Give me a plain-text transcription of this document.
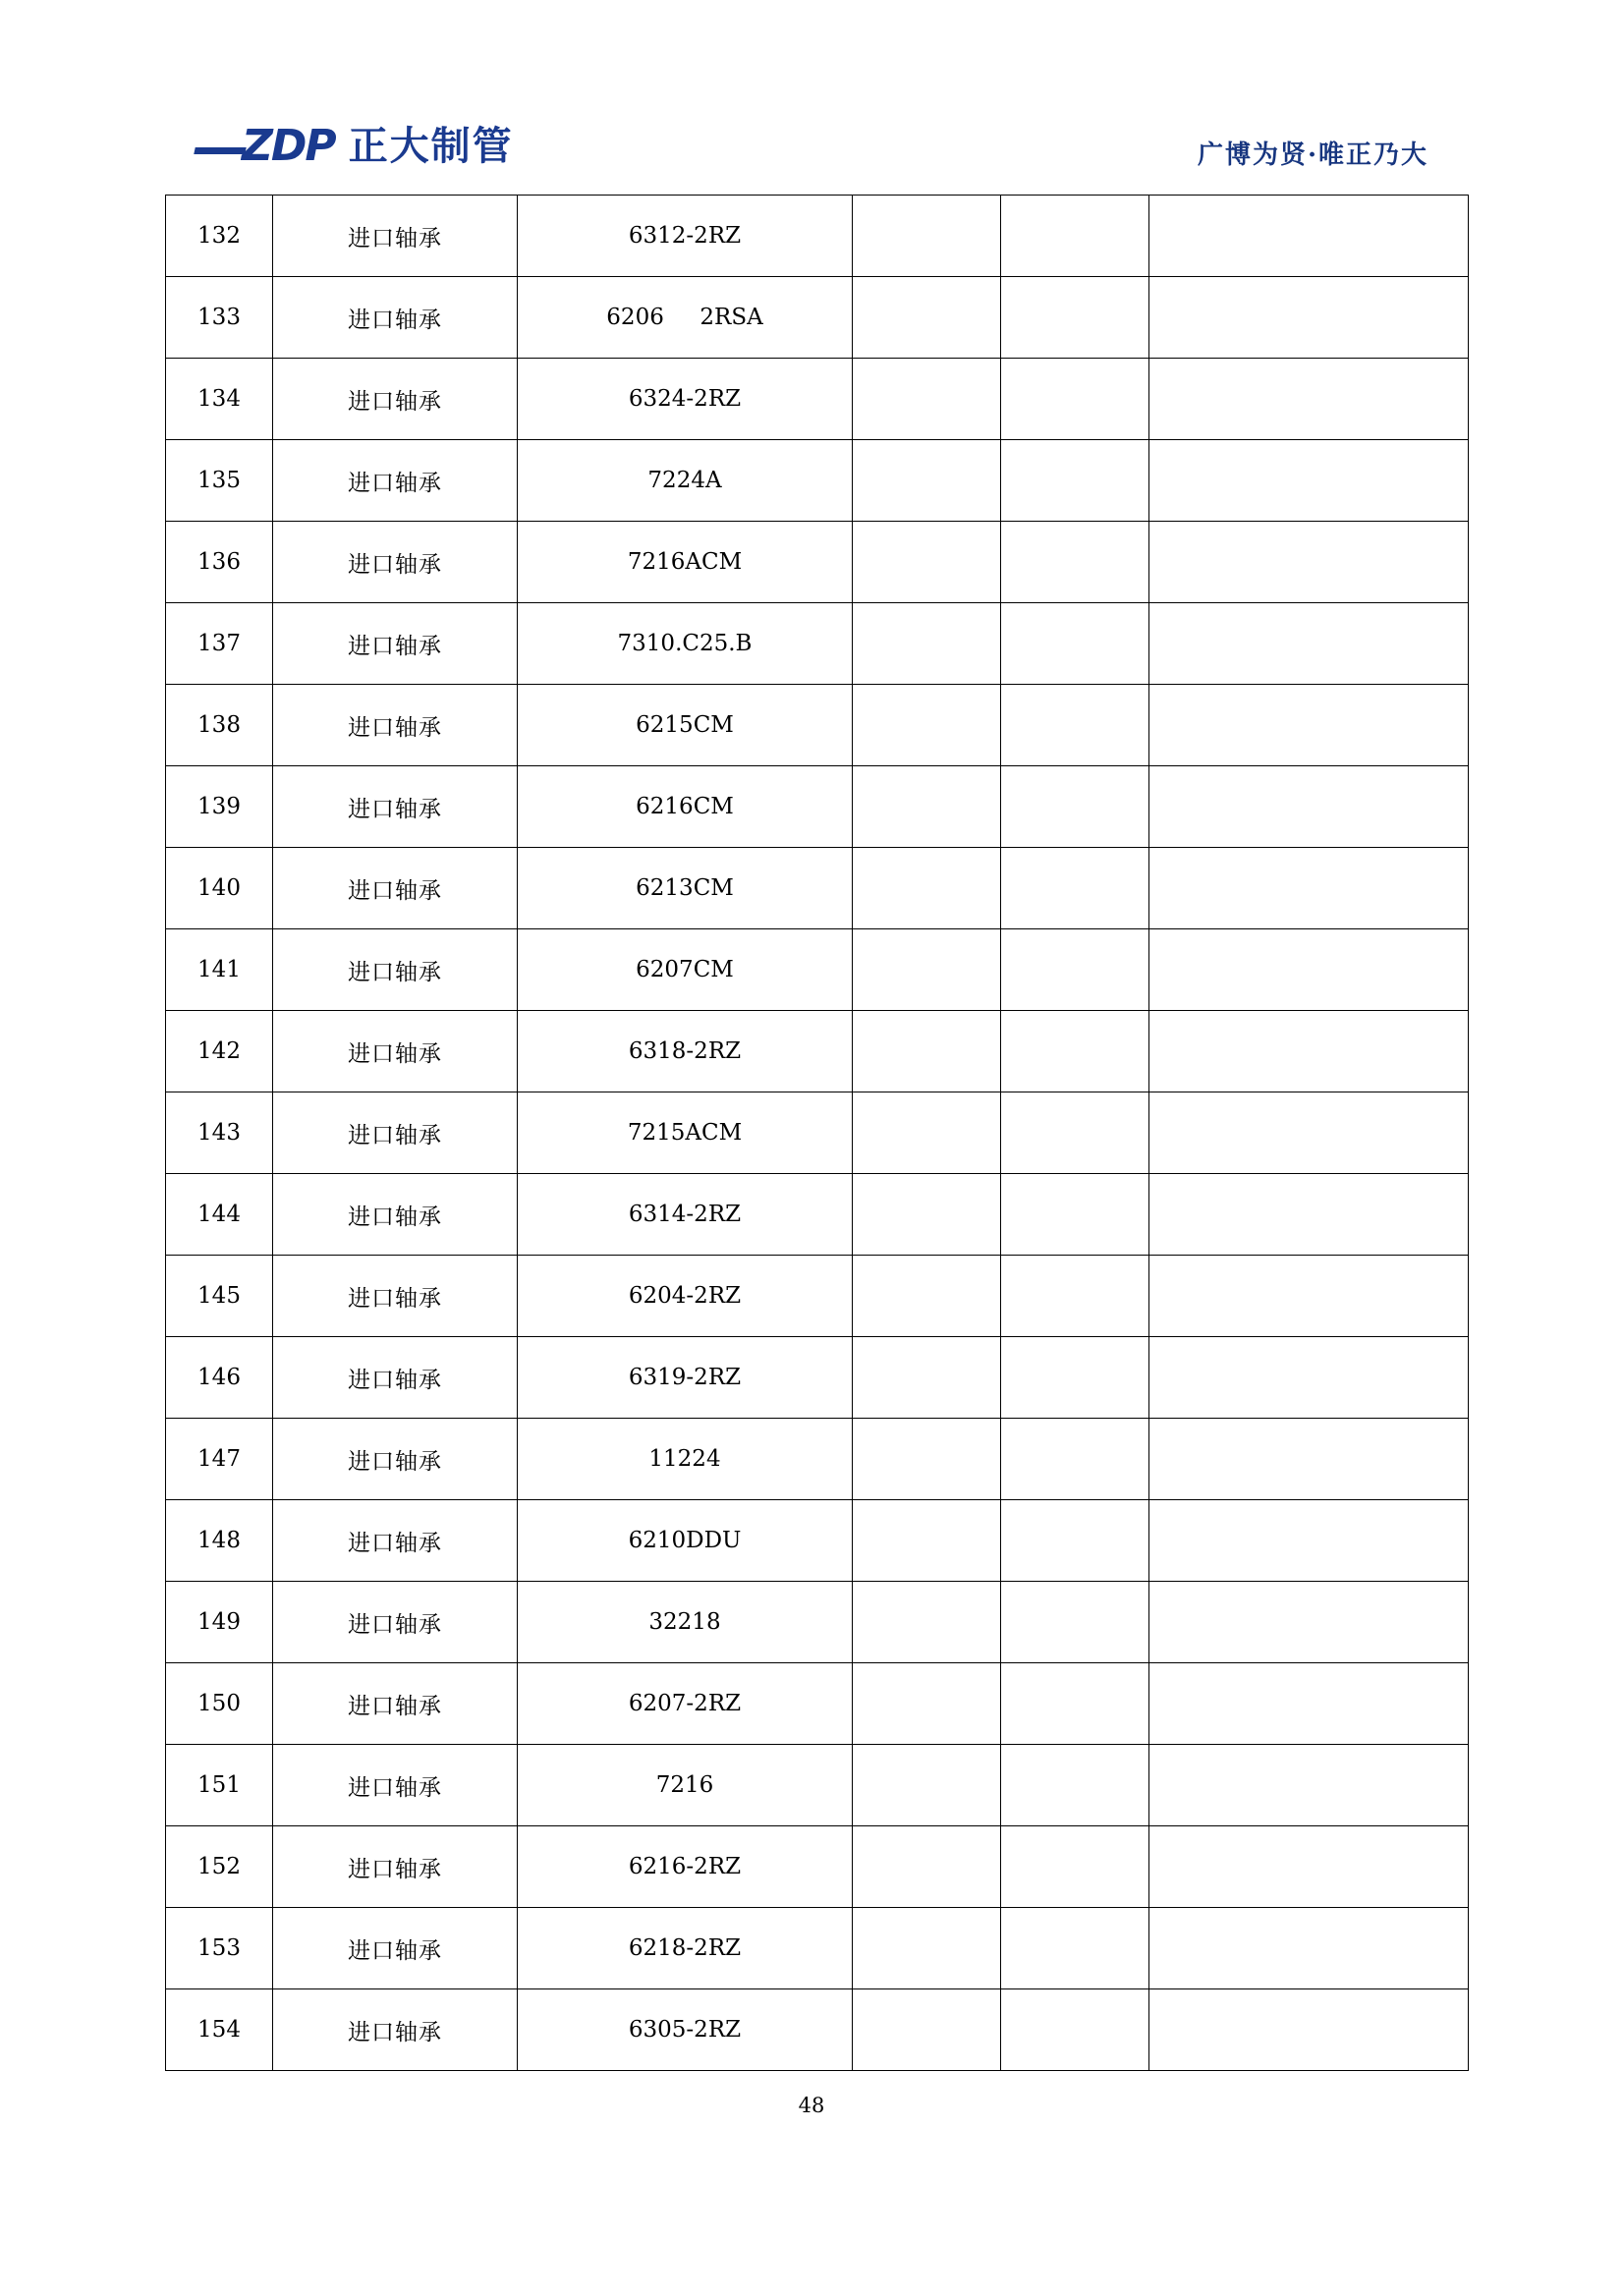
ZDP 正大制管	广博为贤·唯正乃大
132	进口轴承	6312-2RZ			
133	进口轴承	6206     2RSA			
134	进口轴承	6324-2RZ			
135	进口轴承	7224A			
136	进口轴承	7216ACM			
137	进口轴承	7310.C25.B			
138	进口轴承	6215CM			
139	进口轴承	6216CM			
140	进口轴承	6213CM			
141	进口轴承	6207CM			
142	进口轴承	6318-2RZ			
143	进口轴承	7215ACM			
144	进口轴承	6314-2RZ			
145	进口轴承	6204-2RZ			
146	进口轴承	6319-2RZ			
147	进口轴承	11224			
148	进口轴承	6210DDU			
149	进口轴承	32218			
150	进口轴承	6207-2RZ			
151	进口轴承	7216			
152	进口轴承	6216-2RZ			
153	进口轴承	6218-2RZ			
154	进口轴承	6305-2RZ			
48
